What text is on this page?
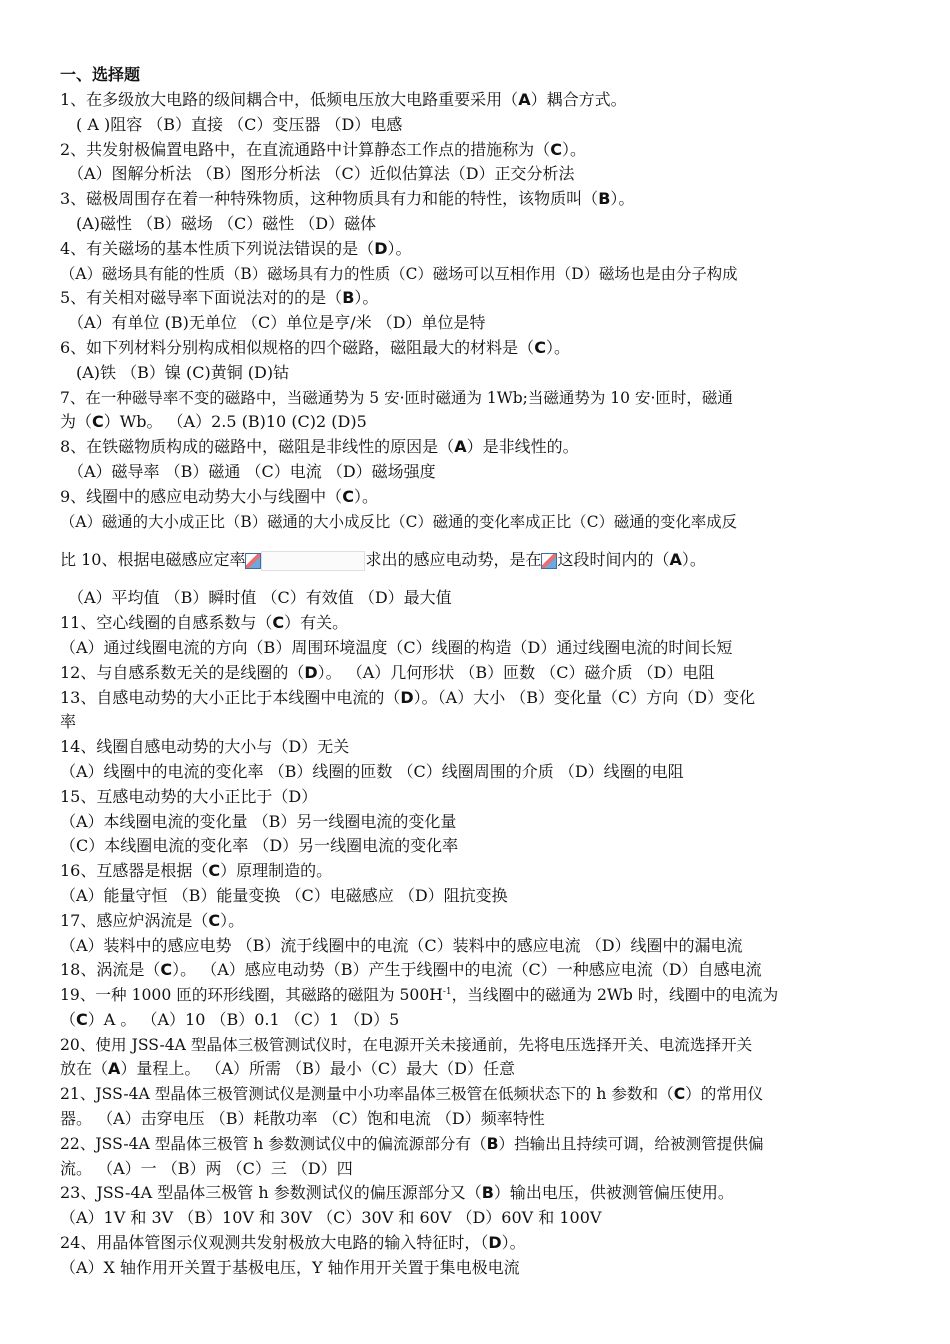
一、选择题
1、在多级放大电路的级间耦合中，低频电压放大电路重要采用（A）耦合方式。
( A )阻容 （B）直接 （C）变压器 （D）电感
2、共发射极偏置电路中，在直流通路中计算静态工作点的措施称为（C）。
（A）图解分析法 （B）图形分析法 （C）近似估算法（D）正交分析法
3、磁极周围存在着一种特殊物质，这种物质具有力和能的特性，该物质叫（B）。
(A)磁性 （B）磁场 （C）磁性 （D）磁体
4、有关磁场的基本性质下列说法错误的是（D）。
（A）磁场具有能的性质（B）磁场具有力的性质（C）磁场可以互相作用（D）磁场也是由分子构成
5、有关相对磁导率下面说法对的的是（B）。
（A）有单位 (B)无单位 （C）单位是亨/米 （D）单位是特
6、如下列材料分别构成相似规格的四个磁路，磁阻最大的材料是（C）。
(A)铁 （B）镍 (C)黄铜 (D)钴
7、在一种磁导率不变的磁路中，当磁通势为 5 安·匝时磁通为 1Wb;当磁通势为 10 安·匝时，磁通
为（C）Wb。 （A）2.5 (B)10 (C)2 (D)5
8、在铁磁物质构成的磁路中，磁阻是非线性的原因是（A）是非线性的。
（A）磁导率 （B）磁通 （C）电流 （D）磁场强度
9、线圈中的感应电动势大小与线圈中（C）。
（A）磁通的大小成正比（B）磁通的大小成反比（C）磁通的变化率成正比（C）磁通的变化率成反
比 10、根据电磁感应定率	求出的感应电动势，是在 这段时间内的（A）。
（A）平均值 （B）瞬时值 （C）有效值 （D）最大值
11、空心线圈的自感系数与（C）有关。
（A）通过线圈电流的方向（B）周围环境温度（C）线圈的构造（D）通过线圈电流的时间长短
12、与自感系数无关的是线圈的（D）。 （A）几何形状 （B）匝数 （C）磁介质 （D）电阻
13、自感电动势的大小正比于本线圈中电流的（D）。（A）大小 （B）变化量（C）方向（D）变化
率
14、线圈自感电动势的大小与（D）无关
（A）线圈中的电流的变化率 （B）线圈的匝数 （C）线圈周围的介质 （D）线圈的电阻
15、互感电动势的大小正比于（D）
（A）本线圈电流的变化量 （B）另一线圈电流的变化量
（C）本线圈电流的变化率 （D）另一线圈电流的变化率
16、互感器是根据（C）原理制造的。
（A）能量守恒 （B）能量变换 （C）电磁感应 （D）阻抗变换
17、感应炉涡流是（C）。
（A）装料中的感应电势 （B）流于线圈中的电流（C）装料中的感应电流 （D）线圈中的漏电流
18、涡流是（C）。 （A）感应电动势（B）产生于线圈中的电流（C）一种感应电流（D）自感电流
19、一种 1000 匝的环形线圈，其磁路的磁阻为 $500H^{-1}$，当线圈中的磁通为 2Wb 时，线圈中的电流为
（C）A 。 （A）10 （B）0.1 （C）1 （D）5
20、使用 JSS-4A 型晶体三极管测试仪时，在电源开关未接通前，先将电压选择开关、电流选择开关
放在（A）量程上。 （A）所需 （B）最小（C）最大（D）任意
21、JSS-4A 型晶体三极管测试仪是测量中小功率晶体三极管在低频状态下的 h 参数和（C）的常用仪
器。 （A）击穿电压 （B）耗散功率 （C）饱和电流 （D）频率特性
22、JSS-4A 型晶体三极管 h 参数测试仪中的偏流源部分有（B）挡输出且持续可调，给被测管提供偏
流。 （A）一 （B）两 （C）三 （D）四
23、JSS-4A 型晶体三极管 h 参数测试仪的偏压源部分又（B）输出电压，供被测管偏压使用。
（A）1V 和 3V （B）10V 和 30V （C）30V 和 60V （D）60V 和 100V
24、用晶体管图示仪观测共发射极放大电路的输入特征时，（D）。
（A）X 轴作用开关置于基极电压，Y 轴作用开关置于集电极电流
